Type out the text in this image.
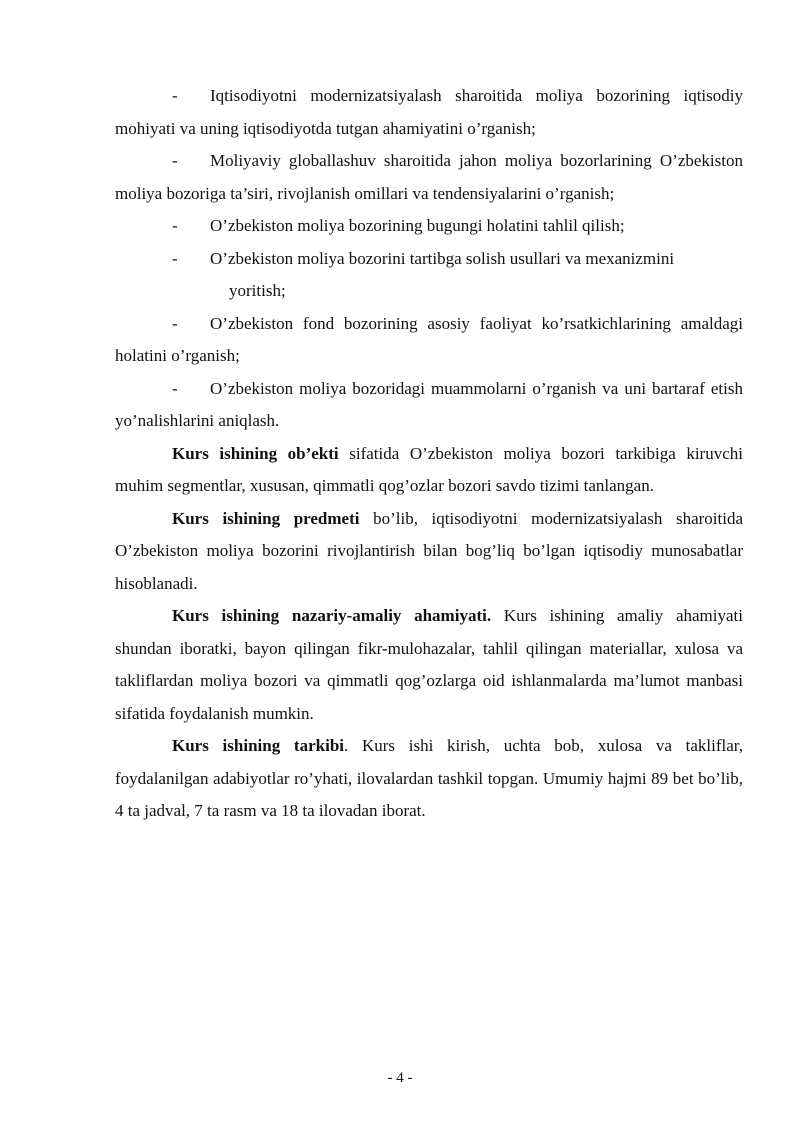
- Iqtisodiyotni modernizatsiyalash sharoitida moliya bozorining iqtisodiy mohiyati va uning iqtisodiyotda tutgan ahamiyatini o’rganish;

- Moliyaviy globallashuv sharoitida jahon moliya bozorlarining O’zbekiston moliya bozoriga ta’siri, rivojlanish omillari va tendensiyalarini o’rganish;

- O’zbekiston moliya bozorining bugungi holatini tahlil qilish;

- O’zbekiston moliya bozorini tartibga solish usullari va mexanizmini
yoritish;

- O’zbekiston fond bozorining asosiy faoliyat ko’rsatkichlarining amaldagi holatini o’rganish;

- O’zbekiston moliya bozoridagi muammolarni o’rganish va uni bartaraf etish yo’nalishlarini aniqlash.

Kurs ishining ob’ekti sifatida O’zbekiston moliya bozori tarkibiga kiruvchi muhim segmentlar, xususan, qimmatli qog’ozlar bozori savdo tizimi tanlangan.

Kurs ishining predmeti bo’lib, iqtisodiyotni modernizatsiyalash sharoitida O’zbekiston moliya bozorini rivojlantirish bilan bog’liq bo’lgan iqtisodiy munosabatlar hisoblanadi.

Kurs ishining nazariy-amaliy ahamiyati. Kurs ishining amaliy ahamiyati shundan iboratki, bayon qilingan fikr-mulohazalar, tahlil qilingan materiallar, xulosa va takliflardan moliya bozori va qimmatli qog’ozlarga oid ishlanmalarda ma’lumot manbasi sifatida foydalanish mumkin.

Kurs ishining tarkibi. Kurs ishi kirish, uchta bob, xulosa va takliflar, foydalanilgan adabiyotlar ro’yhati, ilovalardan tashkil topgan. Umumiy hajmi 89 bet bo’lib, 4 ta jadval, 7 ta rasm va 18 ta ilovadan iborat.

- 4 -
